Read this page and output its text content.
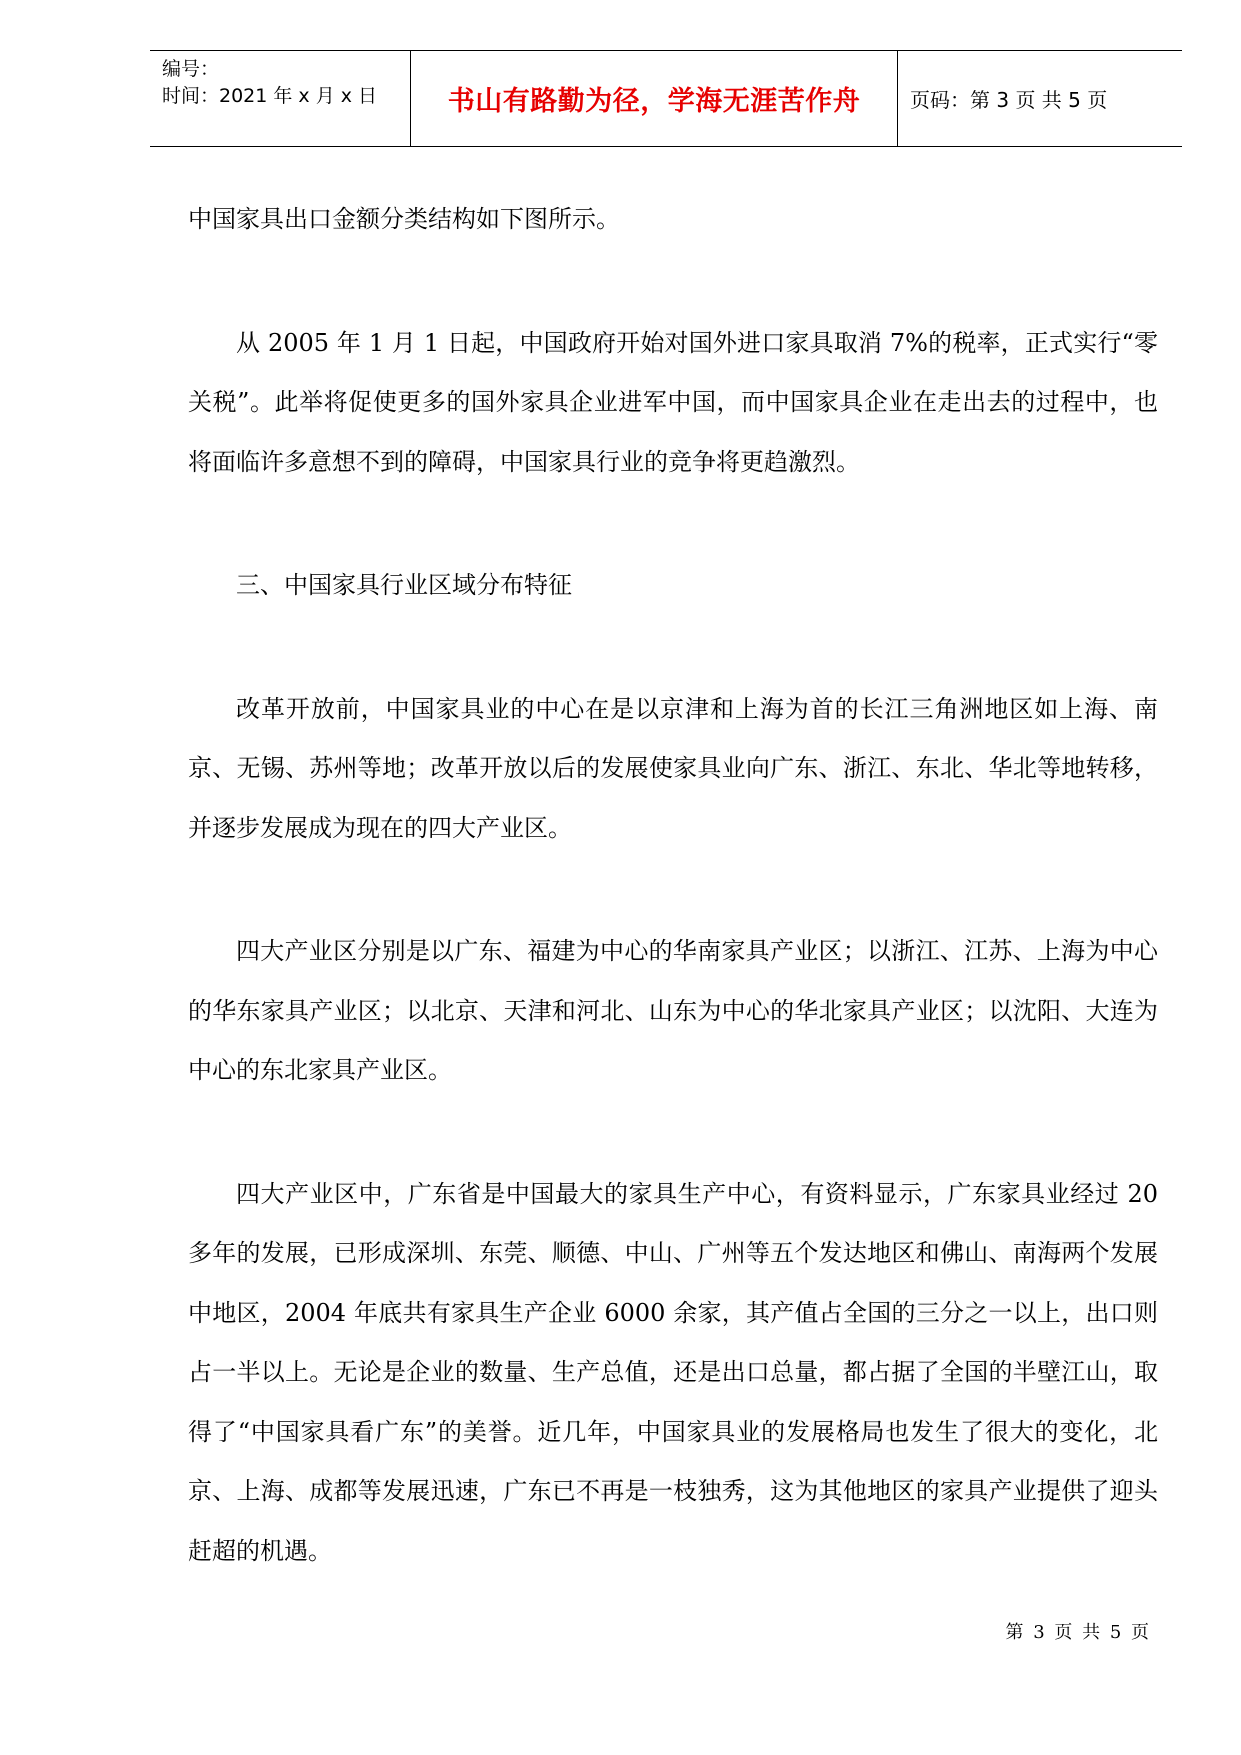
编号：
时间：2021 年 x 月 x 日	书山有路勤为径，学海无涯苦作舟 页码：第 3 页 共 5 页

中国家具出口金额分类结构如下图所示。

从 2005 年 1 月 1 日起，中国政府开始对国外进口家具取消 7%的税率，正式实行“零关税”。此举将促使更多的国外家具企业进军中国，而中国家具企业在走出去的过程中，也将面临许多意想不到的障碍，中国家具行业的竞争将更趋激烈。

三、中国家具行业区域分布特征

改革开放前，中国家具业的中心在是以京津和上海为首的长江三角洲地区如上海、南京、无锡、苏州等地；改革开放以后的发展使家具业向广东、浙江、东北、华北等地转移，并逐步发展成为现在的四大产业区。

四大产业区分别是以广东、福建为中心的华南家具产业区；以浙江、江苏、上海为中心的华东家具产业区；以北京、天津和河北、山东为中心的华北家具产业区；以沈阳、大连为中心的东北家具产业区。

四大产业区中，广东省是中国最大的家具生产中心，有资料显示，广东家具业经过 20 多年的发展，已形成深圳、东莞、顺德、中山、广州等五个发达地区和佛山、南海两个发展中地区，2004 年底共有家具生产企业 6000 余家，其产值占全国的三分之一以上，出口则占一半以上。无论是企业的数量、生产总值，还是出口总量，都占据了全国的半壁江山，取得了“中国家具看广东”的美誉。近几年，中国家具业的发展格局也发生了很大的变化，北京、上海、成都等发展迅速，广东已不再是一枝独秀，这为其他地区的家具产业提供了迎头赶超的机遇。

第 3 页 共 5 页
